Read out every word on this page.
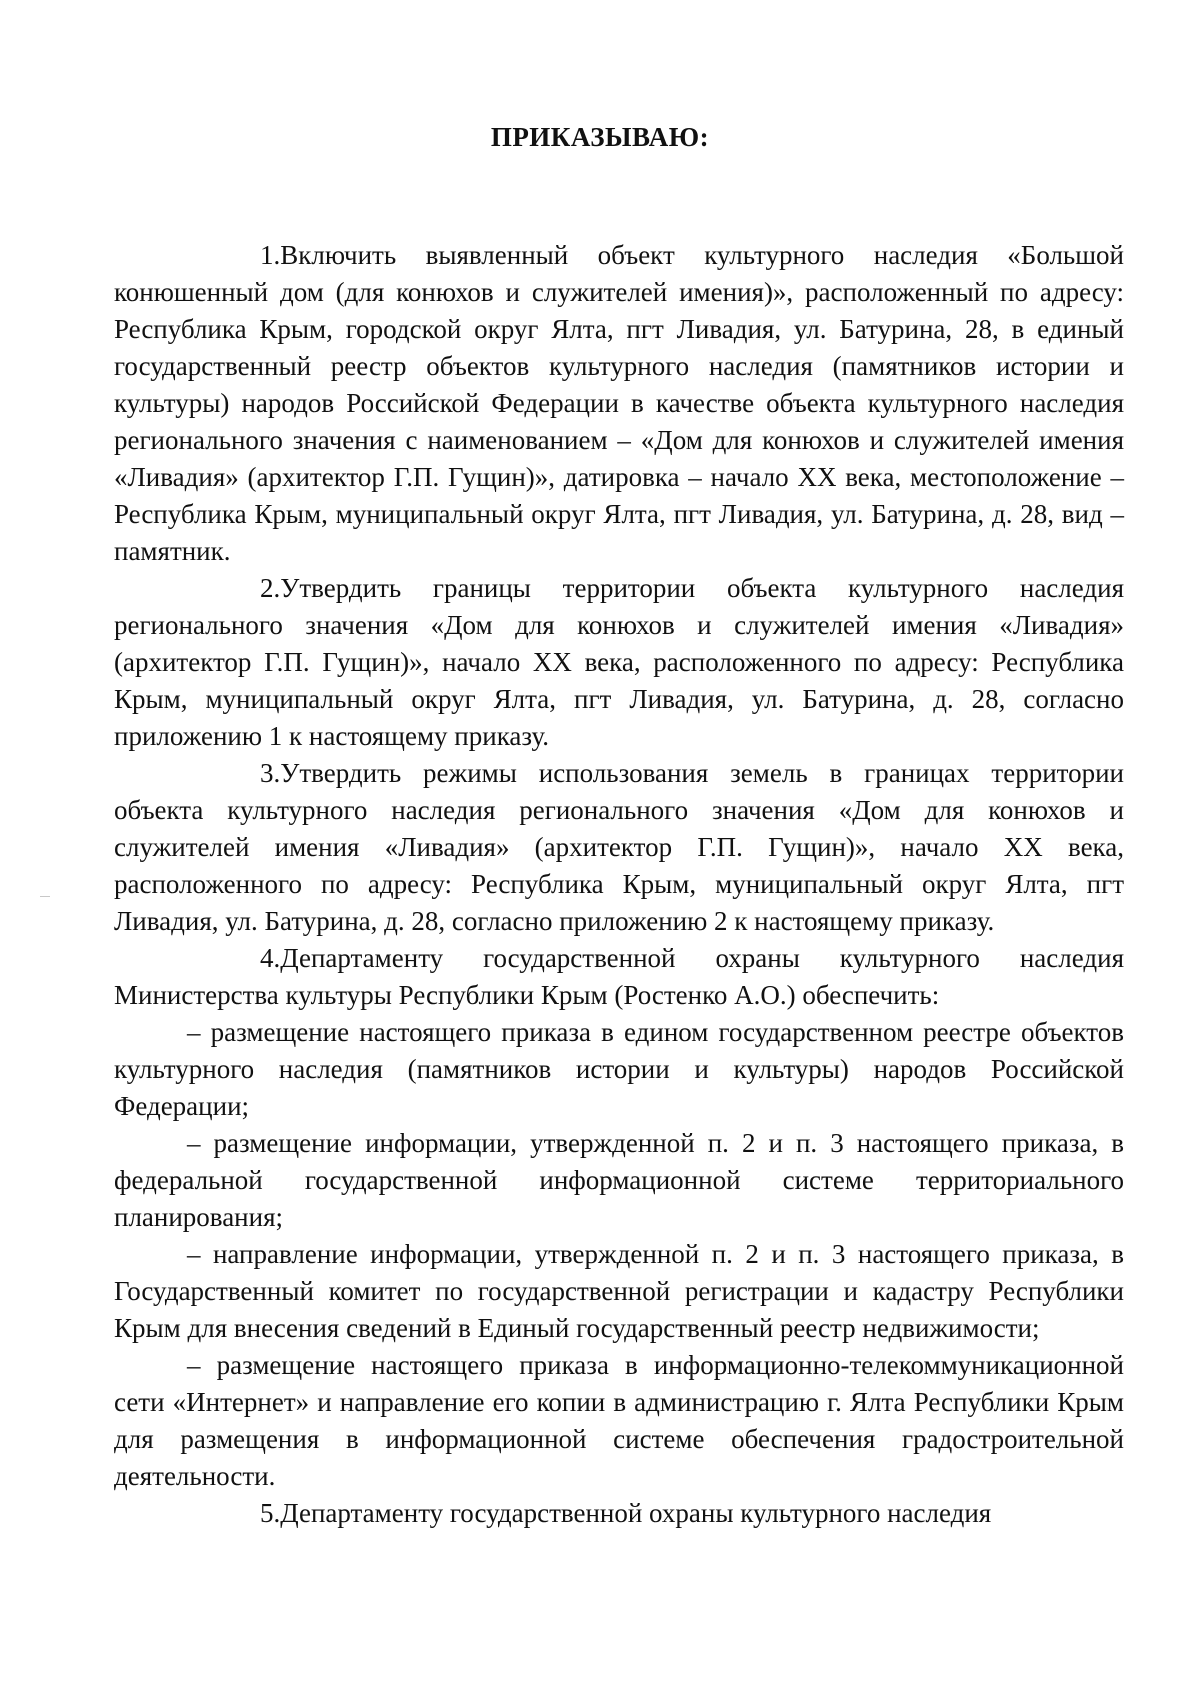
ПРИКАЗЫВАЮ:

1.Включить выявленный объект культурного наследия «Большой конюшенный дом (для конюхов и служителей имения)», расположенный по адресу: Республика Крым, городской округ Ялта, пгт Ливадия, ул. Батурина, 28, в единый государственный реестр объектов культурного наследия (памятников истории и культуры) народов Российской Федерации в качестве объекта культурного наследия регионального значения с наименованием – «Дом для конюхов и служителей имения «Ливадия» (архитектор Г.П. Гущин)», датировка – начало XX века, местоположение – Республика Крым, муниципальный округ Ялта, пгт Ливадия, ул. Батурина, д. 28, вид – памятник.

2.Утвердить границы территории объекта культурного наследия регионального значения «Дом для конюхов и служителей имения «Ливадия» (архитектор Г.П. Гущин)», начало XX века, расположенного по адресу: Республика Крым, муниципальный округ Ялта, пгт Ливадия, ул. Батурина, д. 28, согласно приложению 1 к настоящему приказу.

3.Утвердить режимы использования земель в границах территории объекта культурного наследия регионального значения «Дом для конюхов и служителей имения «Ливадия» (архитектор Г.П. Гущин)», начало XX века, расположенного по адресу: Республика Крым, муниципальный округ Ялта, пгт Ливадия, ул. Батурина, д. 28, согласно приложению 2 к настоящему приказу.

4.Департаменту государственной охраны культурного наследия Министерства культуры Республики Крым (Ростенко А.О.) обеспечить:

– размещение настоящего приказа в едином государственном реестре объектов культурного наследия (памятников истории и культуры) народов Российской Федерации;

– размещение информации, утвержденной п. 2 и п. 3 настоящего приказа, в федеральной государственной информационной системе территориального планирования;

– направление информации, утвержденной п. 2 и п. 3 настоящего приказа, в Государственный комитет по государственной регистрации и кадастру Республики Крым для внесения сведений в Единый государственный реестр недвижимости;

– размещение настоящего приказа в информационно-телекоммуникационной сети «Интернет» и направление его копии в администрацию г. Ялта Республики Крым для размещения в информационной системе обеспечения градостроительной деятельности.

5.Департаменту государственной охраны культурного наследия
